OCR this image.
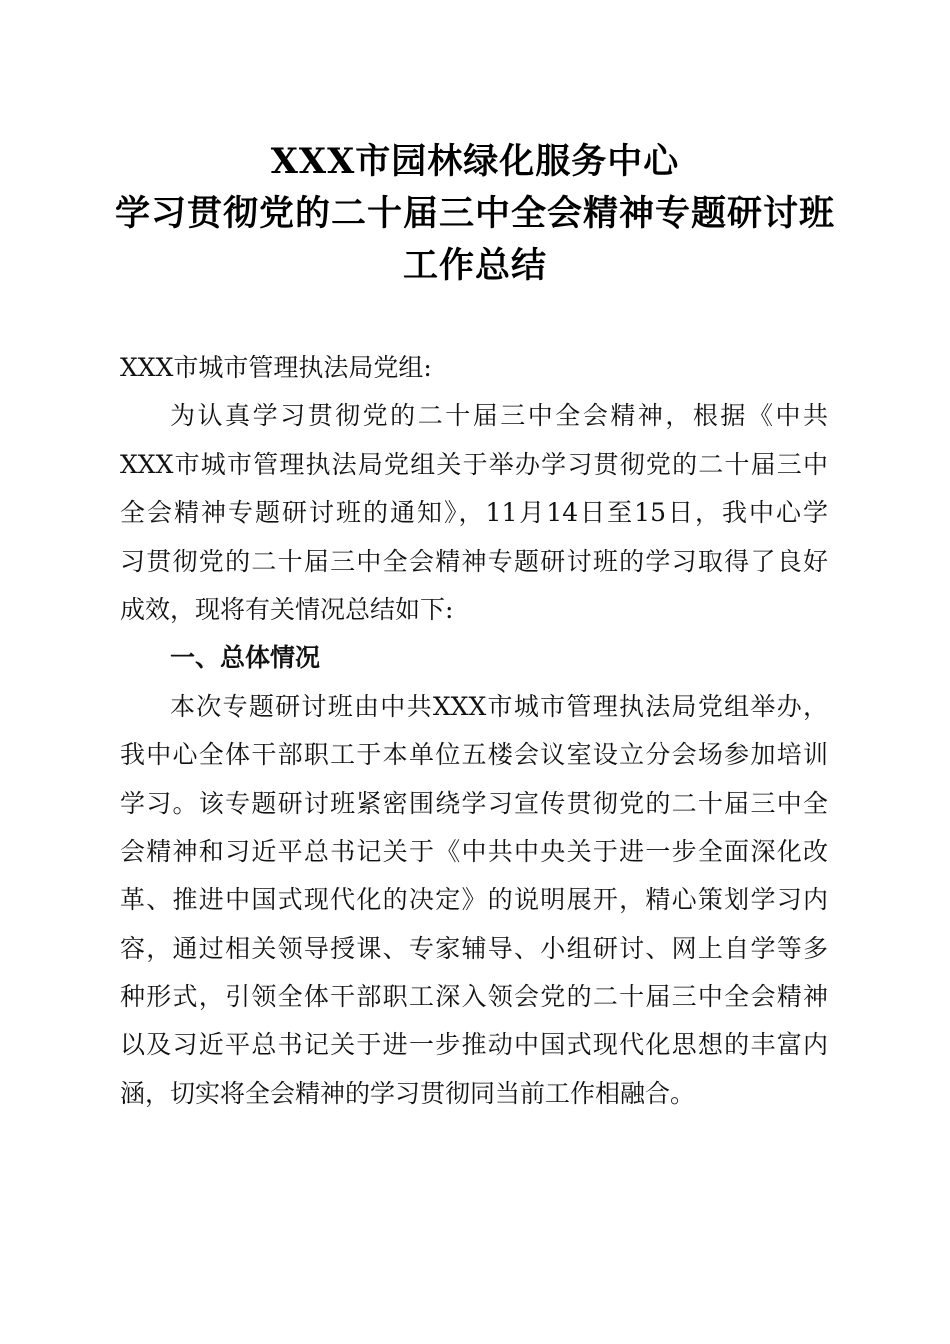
XXX市园林绿化服务中心
学习贯彻党的二十届三中全会精神专题研讨班
工作总结
XXX市城市管理执法局党组:
为认真学习贯彻党的二十届三中全会精神，根据《中共
XXX市城市管理执法局党组关于举办学习贯彻党的二十届三中
全会精神专题研讨班的通知》，11月14日至15日，我中心学
习贯彻党的二十届三中全会精神专题研讨班的学习取得了良好
成效，现将有关情况总结如下:
一、总体情况
本次专题研讨班由中共XXX市城市管理执法局党组举办，
我中心全体干部职工于本单位五楼会议室设立分会场参加培训
学习。该专题研讨班紧密围绕学习宣传贯彻党的二十届三中全
会精神和习近平总书记关于《中共中央关于进一步全面深化改
革、推进中国式现代化的决定》的说明展开，精心策划学习内
容，通过相关领导授课、专家辅导、小组研讨、网上自学等多
种形式，引领全体干部职工深入领会党的二十届三中全会精神
以及习近平总书记关于进一步推动中国式现代化思想的丰富内
涵，切实将全会精神的学习贯彻同当前工作相融合。
